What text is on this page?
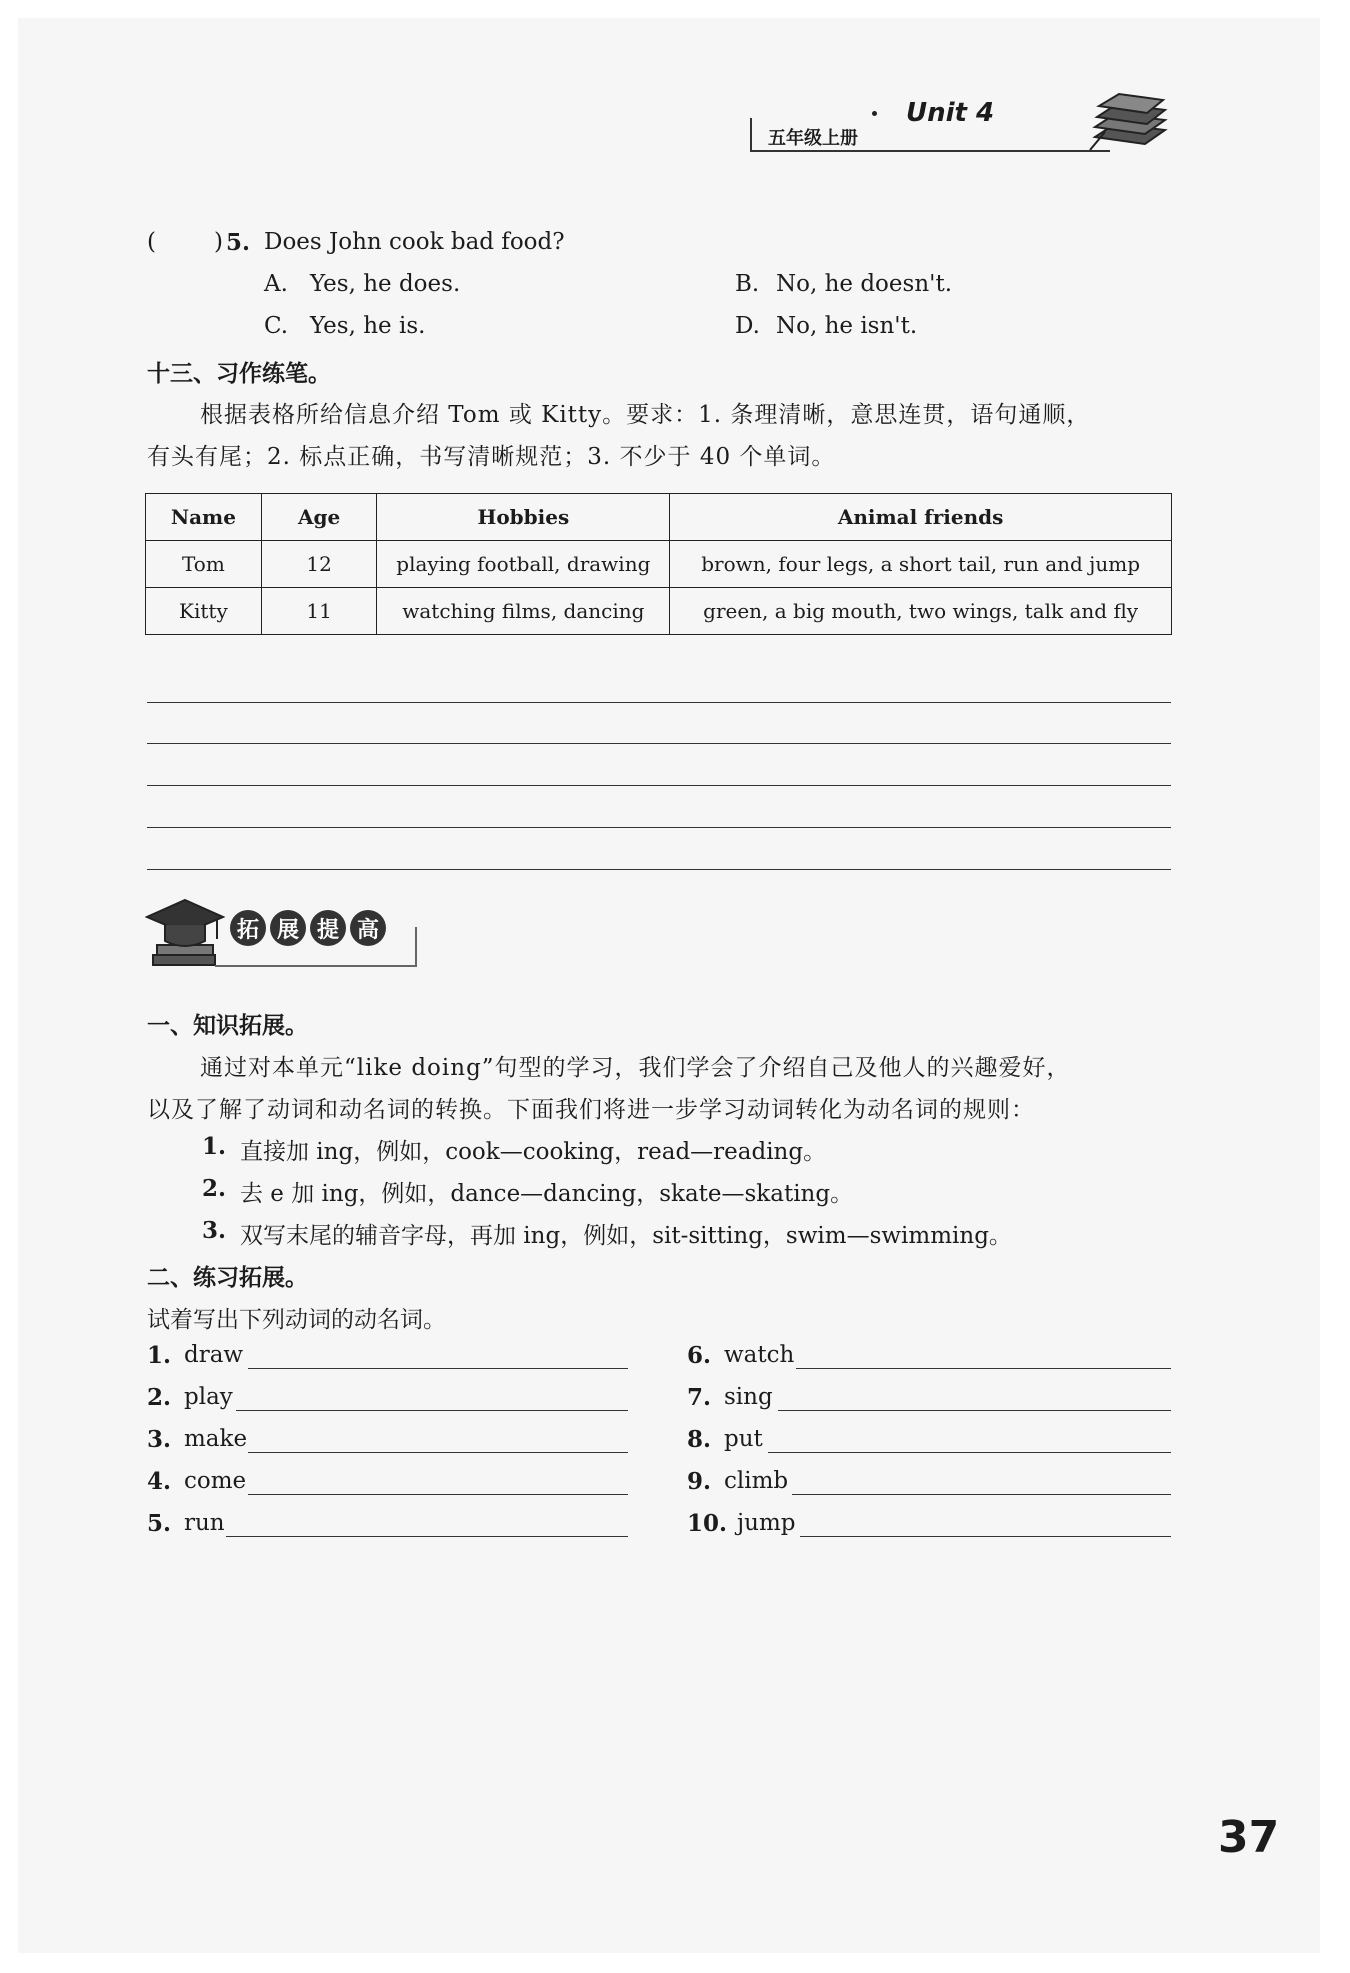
五年级上册
Unit 4
(	) 5. Does John cook bad food?
A. Yes, he does.	B. No, he doesn't.
C. Yes, he is.	D. No, he isn't.
十三、习作练笔。
根据表格所给信息介绍 Tom 或 Kitty。要求：1. 条理清晰，意思连贯，语句通顺，
有头有尾；2. 标点正确，书写清晰规范；3. 不少于 40 个单词。
Name	Age	Hobbies	Animal friends
Tom	12	playing football, drawing	brown, four legs, a short tail, run and jump
Kitty	11	watching films, dancing	green, a big mouth, two wings, talk and fly
拓 展 提 高
一、知识拓展。
通过对本单元“like doing”句型的学习，我们学会了介绍自己及他人的兴趣爱好，
以及了解了动词和动名词的转换。下面我们将进一步学习动词转化为动名词的规则：
1. 直接加 ing，例如，cook—cooking，read—reading。
2. 去 e 加 ing，例如，dance—dancing，skate—skating。
3. 双写末尾的辅音字母，再加 ing，例如，sit-sitting，swim—swimming。
二、练习拓展。
试着写出下列动词的动名词。
1. draw
2. play
3. make
4. come
5. run
6. watch
7. sing
8. put
9. climb
10. jump
37
